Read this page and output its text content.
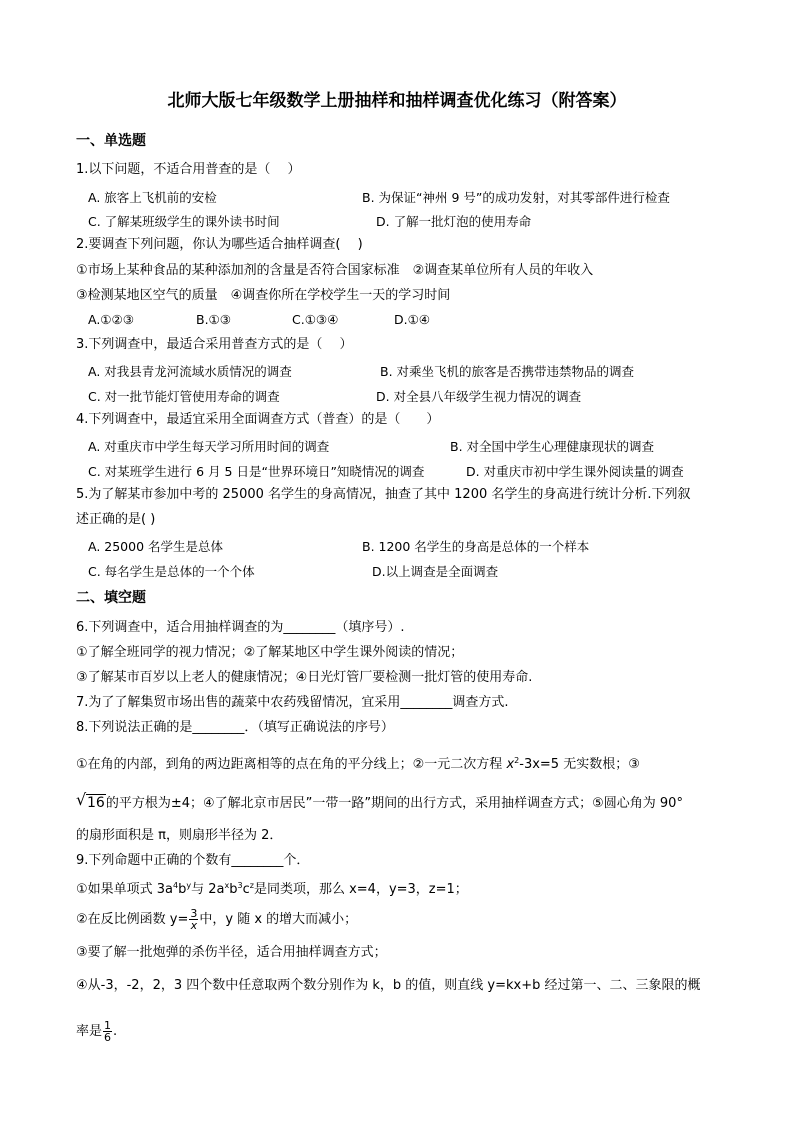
北师大版七年级数学上册抽样和抽样调查优化练习（附答案）
一、单选题
1.以下问题，不适合用普查的是（　 ）
A. 旅客上飞机前的安检	B. 为保证“神州 9 号”的成功发射，对其零部件进行检查
C. 了解某班级学生的课外读书时间	D. 了解一批灯泡的使用寿命
2.要调查下列问题，你认为哪些适合抽样调查(　 )
①市场上某种食品的某种添加剂的含量是否符合国家标准　②调查某单位所有人员的年收入
③检测某地区空气的质量　④调查你所在学校学生一天的学习时间
A.①②③	B.①③	C.①③④	D.①④
3.下列调查中，最适合采用普查方式的是（　 ）
A. 对我县青龙河流域水质情况的调查	B. 对乘坐飞机的旅客是否携带违禁物品的调查
C. 对一批节能灯管使用寿命的调查	D. 对全县八年级学生视力情况的调查
4.下列调查中，最适宜采用全面调查方式（普查）的是（　　）
A. 对重庆市中学生每天学习所用时间的调查	B. 对全国中学生心理健康现状的调查
C. 对某班学生进行 6 月 5 日是“世界环境日”知晓情况的调查	D. 对重庆市初中学生课外阅读量的调查
5.为了解某市参加中考的 25000 名学生的身高情况，抽查了其中 1200 名学生的身高进行统计分析.下列叙
述正确的是( )
A. 25000 名学生是总体	B. 1200 名学生的身高是总体的一个样本
C. 每名学生是总体的一个个体	D.以上调查是全面调查
二、填空题
6.下列调查中，适合用抽样调查的为________（填序号）.
①了解全班同学的视力情况；②了解某地区中学生课外阅读的情况；
③了解某市百岁以上老人的健康情况；④日光灯管厂要检测一批灯管的使用寿命.
7.为了了解集贸市场出售的蔬菜中农药残留情况，宜采用________调查方式.
8.下列说法正确的是________．（填写正确说法的序号）
①在角的内部，到角的两边距离相等的点在角的平分线上；②一元二次方程 $x^2-3x=5$ 无实数根；③
√ 16的平方根为±4；④了解北京市居民”一带一路”期间的出行方式，采用抽样调查方式；⑤圆心角为 90°
的扇形面积是 π，则扇形半径为 2．
9.下列命题中正确的个数有________个．
①如果单项式 $3a^4b^y$与 $2a^xb^3c^z$是同类项，那么 x=4，y=3，z=1；
②在反比例函数 $y= \frac{3}{x}$ 中，y 随 x 的增大而减小；
③要了解一批炮弹的杀伤半径，适合用抽样调查方式；
④从-3，-2，2，3 四个数中任意取两个数分别作为 k，b 的值，则直线 y=kx+b 经过第一、二、三象限的概
率是 $\frac{1}{6}$ .
